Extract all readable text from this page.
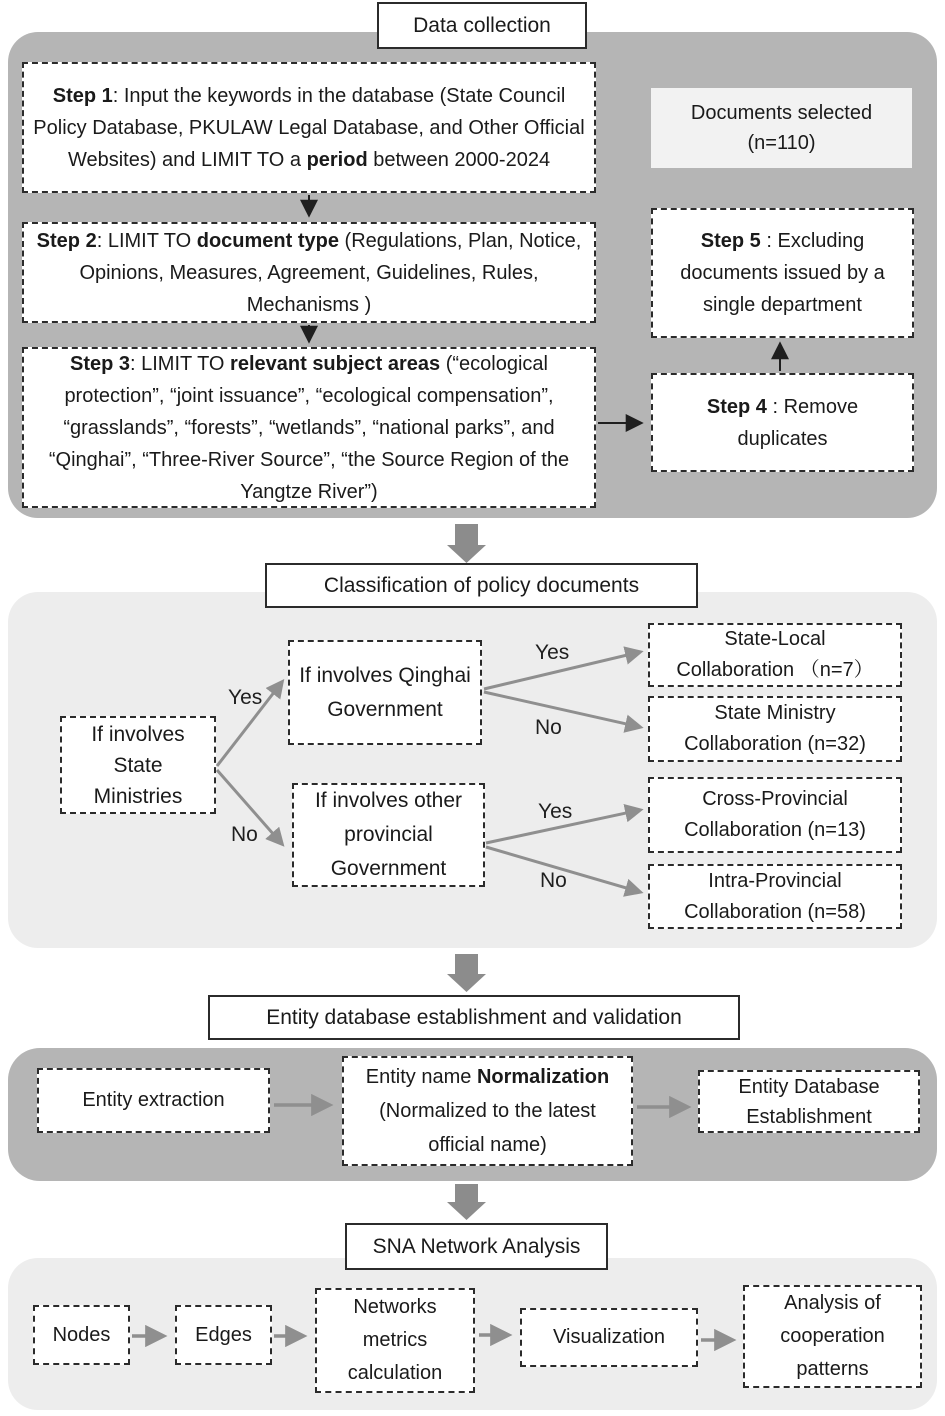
Data collection
Classification of policy documents
Entity database establishment and validation
SNA Network Analysis
Step 1: Input the keywords in the database (State Council Policy Database, PKULAW Legal Database, and Other Official Websites) and LIMIT TO a period between 2000-2024
Step 2: LIMIT TO document type (Regulations, Plan, Notice, Opinions, Measures, Agreement, Guidelines, Rules, Mechanisms )
Step 3: LIMIT TO relevant subject areas (“ecological protection”, “joint issuance”, “ecological compensation”, “grasslands”, “forests”, “wetlands”, “national parks”, and “Qinghai”, “Three-River Source”, “the Source Region of the Yangtze River”)
Documents selected
(n=110)
Step 5 : Excluding documents issued by a single department
Step 4 : Remove duplicates
If involves State Ministries
If involves Qinghai Government
If involves other provincial Government
State-Local
Collaboration （n=7）
State Ministry
Collaboration (n=32)
Cross-Provincial
Collaboration (n=13)
Intra-Provincial
Collaboration (n=58)
Yes
No
Yes
No
Yes
No
Entity extraction
Entity name Normalization (Normalized to the latest official name)
Entity Database Establishment
Nodes	Edges
Networks metrics calculation
Visualization
Analysis of cooperation patterns
